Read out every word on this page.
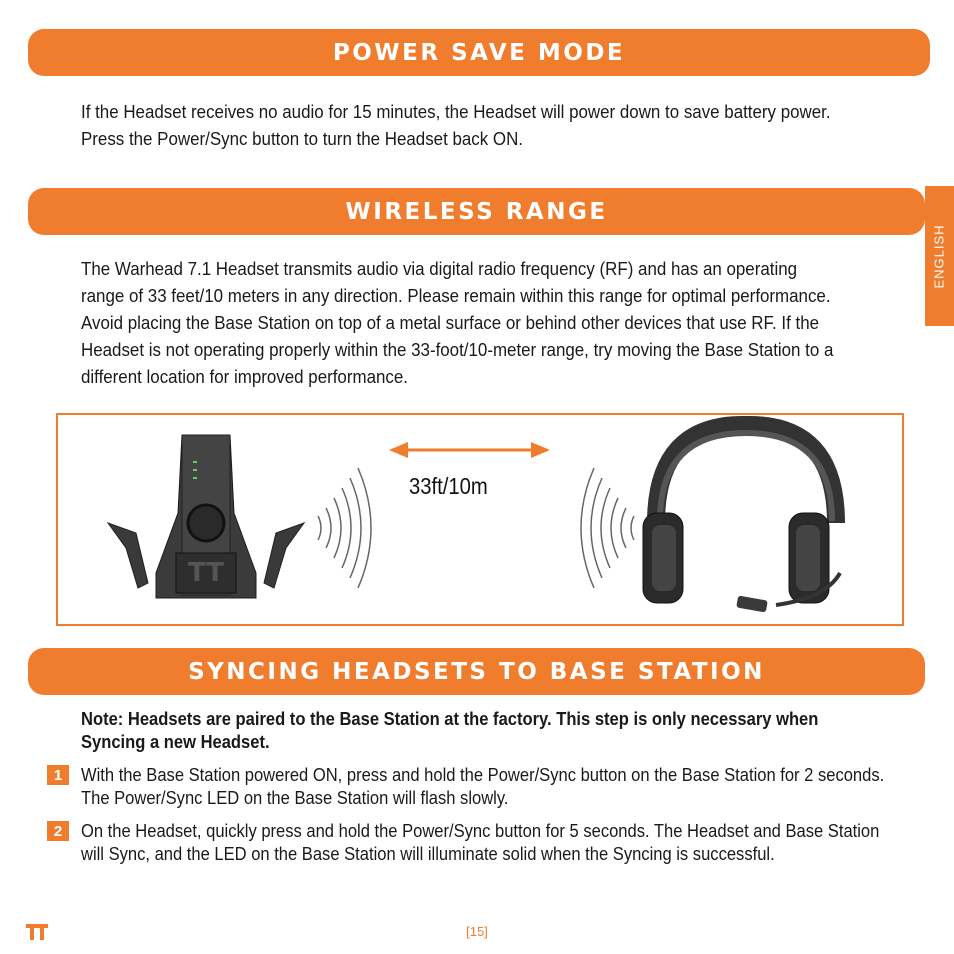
POWER SAVE MODE
If the Headset receives no audio for 15 minutes, the Headset will power down to save battery power. Press the Power/Sync button to turn the Headset back ON.
ENGLISH
WIRELESS RANGE
The Warhead 7.1 Headset transmits audio via digital radio frequency (RF) and has an operating range of 33 feet/10 meters in any direction. Please remain within this range for optimal performance. Avoid placing the Base Station on top of a metal surface or behind other devices that use RF. If the Headset is not operating properly within the 33-foot/10-meter range, try moving the Base Station to a different location for improved performance.
TT
33ft/10m
SYNCING HEADSETS TO BASE STATION
Note: Headsets are paired to the Base Station at the factory. This step is only necessary when Syncing a new Headset.
1	With the Base Station powered ON, press and hold the Power/Sync button on the Base Station for 2 seconds. The Power/Sync LED on the Base Station will flash slowly.
2	On the Headset, quickly press and hold the Power/Sync button for 5 seconds. The Headset and Base Station will Sync, and the LED on the Base Station will illuminate solid when the Syncing is successful.
[15]
